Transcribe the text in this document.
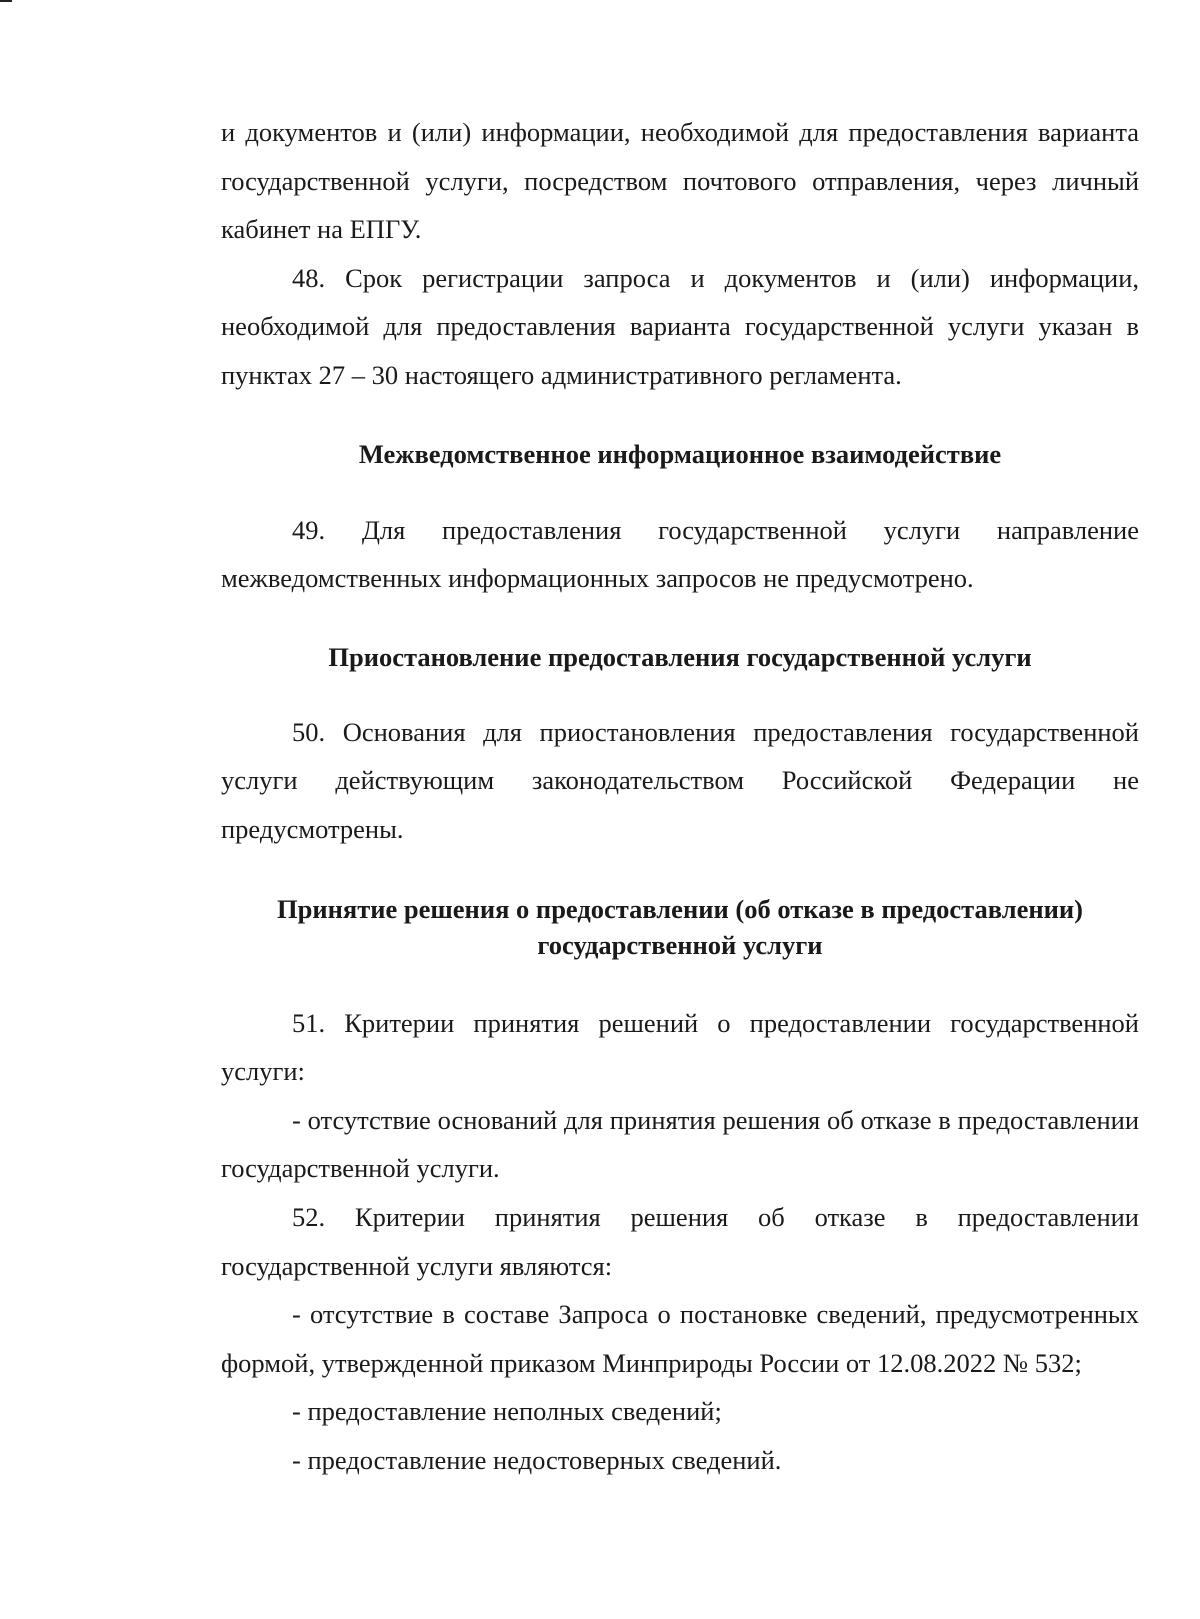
и документов и (или) информации, необходимой для предоставления варианта государственной услуги, посредством почтового отправления, через личный кабинет на ЕПГУ.

48. Срок регистрации запроса и документов и (или) информации, необходимой для предоставления варианта государственной услуги указан в пунктах 27 – 30 настоящего административного регламента.

Межведомственное информационное взаимодействие

49. Для предоставления государственной услуги направление межведомственных информационных запросов не предусмотрено.

Приостановление предоставления государственной услуги

50. Основания для приостановления предоставления государственной услуги действующим законодательством Российской Федерации не предусмотрены.

Принятие решения о предоставлении (об отказе в предоставлении)
государственной услуги

51. Критерии принятия решений о предоставлении государственной услуги:

- отсутствие оснований для принятия решения об отказе в предоставлении государственной услуги.

52. Критерии принятия решения об отказе в предоставлении государственной услуги являются:

- отсутствие в составе Запроса о постановке сведений, предусмотренных формой, утвержденной приказом Минприроды России от 12.08.2022 № 532;

- предоставление неполных сведений;

- предоставление недостоверных сведений.
